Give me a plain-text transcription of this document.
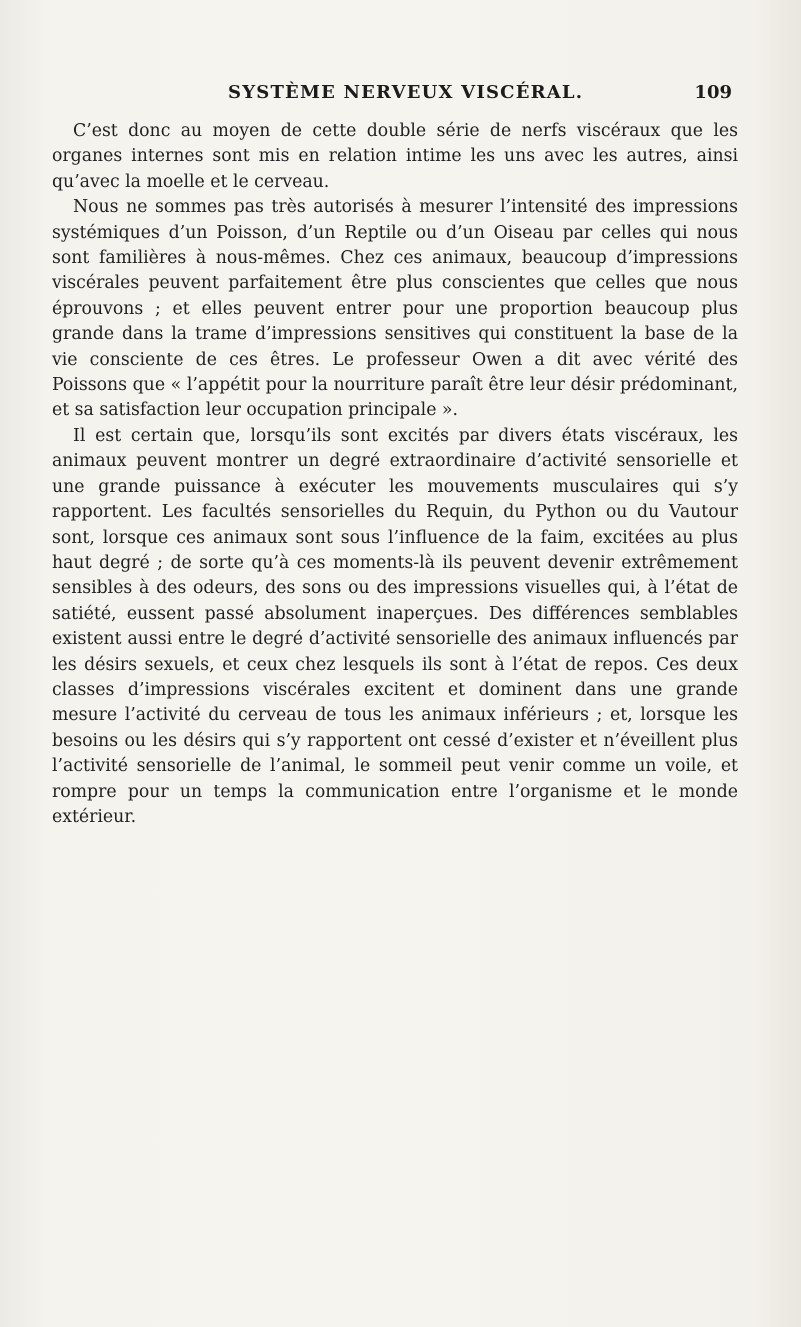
SYSTÈME NERVEUX VISCÉRAL.	109

C’est donc au moyen de cette double série de nerfs viscéraux que les organes internes sont mis en relation intime les uns avec les autres, ainsi qu’avec la moelle et le cerveau.

Nous ne sommes pas très autorisés à mesurer l’intensité des impressions systémiques d’un Poisson, d’un Reptile ou d’un Oiseau par celles qui nous sont familières à nous-mêmes. Chez ces animaux, beaucoup d’impressions viscérales peuvent parfaitement être plus conscientes que celles que nous éprouvons ; et elles peuvent entrer pour une proportion beaucoup plus grande dans la trame d’impressions sensitives qui constituent la base de la vie consciente de ces êtres. Le professeur Owen a dit avec vérité des Poissons que « l’appétit pour la nourriture paraît être leur désir prédominant, et sa satisfaction leur occupation principale ».

Il est certain que, lorsqu’ils sont excités par divers états viscéraux, les animaux peuvent montrer un degré extraordinaire d’activité sensorielle et une grande puissance à exécuter les mouvements musculaires qui s’y rapportent. Les facultés sensorielles du Requin, du Python ou du Vautour sont, lorsque ces animaux sont sous l’influence de la faim, excitées au plus haut degré ; de sorte qu’à ces moments-là ils peuvent devenir extrêmement sensibles à des odeurs, des sons ou des impressions visuelles qui, à l’état de satiété, eussent passé absolument inaperçues. Des différences semblables existent aussi entre le degré d’activité sensorielle des animaux influencés par les désirs sexuels, et ceux chez lesquels ils sont à l’état de repos. Ces deux classes d’impressions viscérales excitent et dominent dans une grande mesure l’activité du cerveau de tous les animaux inférieurs ; et, lorsque les besoins ou les désirs qui s’y rapportent ont cessé d’exister et n’éveillent plus l’activité sensorielle de l’animal, le sommeil peut venir comme un voile, et rompre pour un temps la communication entre l’organisme et le monde extérieur.
